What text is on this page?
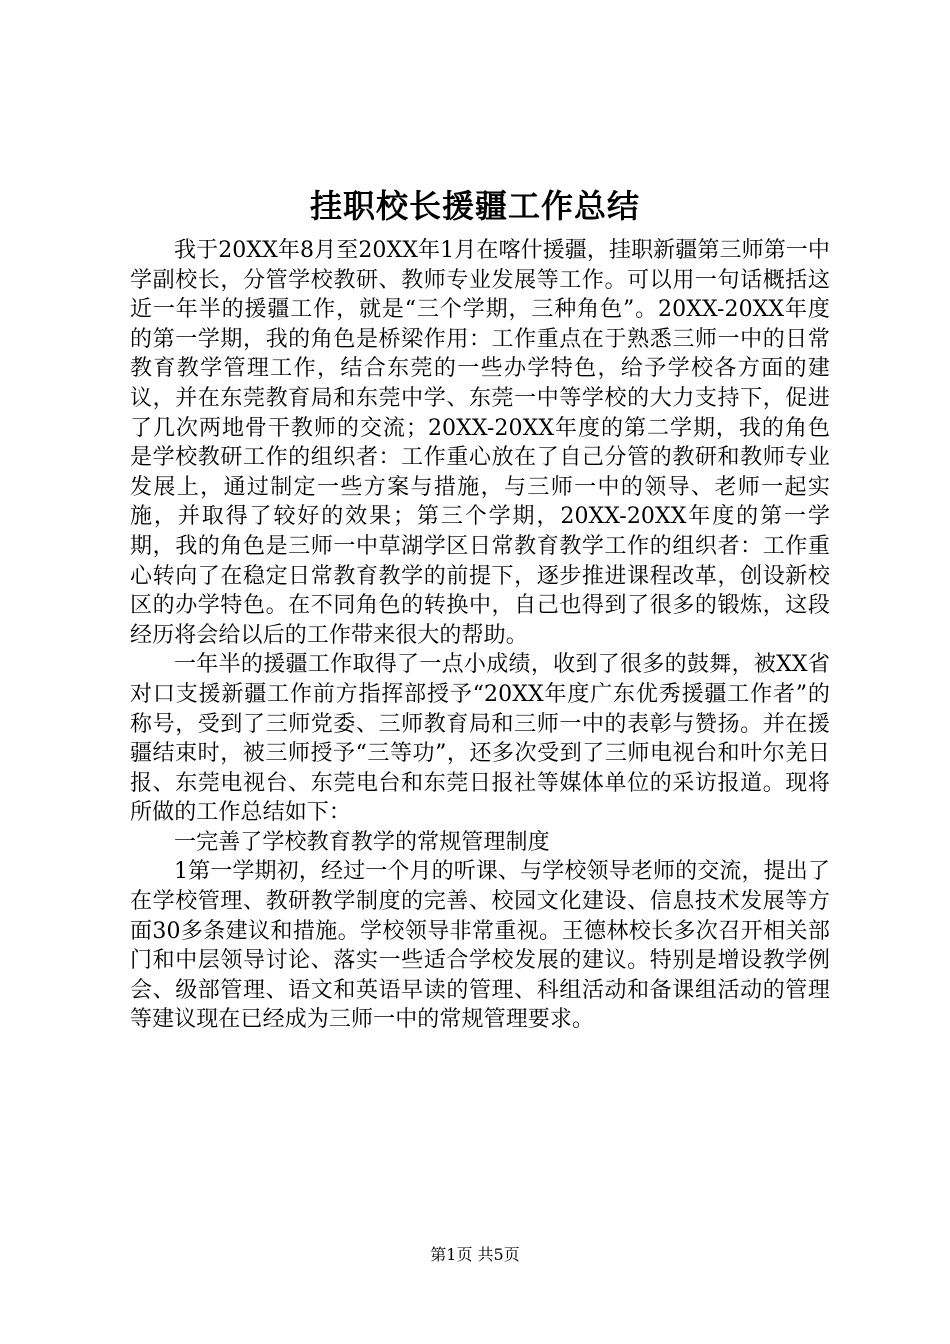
挂职校长援疆工作总结

我于20XX年8月至20XX年1月在喀什援疆，挂职新疆第三师第一中学副校长，分管学校教研、教师专业发展等工作。可以用一句话概括这近一年半的援疆工作，就是“三个学期，三种角色”。20XX-20XX年度的第一学期，我的角色是桥梁作用：工作重点在于熟悉三师一中的日常教育教学管理工作，结合东莞的一些办学特色，给予学校各方面的建议，并在东莞教育局和东莞中学、东莞一中等学校的大力支持下，促进了几次两地骨干教师的交流；20XX-20XX年度的第二学期，我的角色是学校教研工作的组织者：工作重心放在了自己分管的教研和教师专业发展上，通过制定一些方案与措施，与三师一中的领导、老师一起实施，并取得了较好的效果；第三个学期，20XX-20XX年度的第一学期，我的角色是三师一中草湖学区日常教育教学工作的组织者：工作重心转向了在稳定日常教育教学的前提下，逐步推进课程改革，创设新校区的办学特色。在不同角色的转换中，自己也得到了很多的锻炼，这段经历将会给以后的工作带来很大的帮助。

一年半的援疆工作取得了一点小成绩，收到了很多的鼓舞，被XX省对口支援新疆工作前方指挥部授予“20XX年度广东优秀援疆工作者”的称号，受到了三师党委、三师教育局和三师一中的表彰与赞扬。并在援疆结束时，被三师授予“三等功”，还多次受到了三师电视台和叶尔羌日报、东莞电视台、东莞电台和东莞日报社等媒体单位的采访报道。现将所做的工作总结如下：

一完善了学校教育教学的常规管理制度

1第一学期初，经过一个月的听课、与学校领导老师的交流，提出了在学校管理、教研教学制度的完善、校园文化建设、信息技术发展等方面30多条建议和措施。学校领导非常重视。王德林校长多次召开相关部门和中层领导讨论、落实一些适合学校发展的建议。特别是增设教学例会、级部管理、语文和英语早读的管理、科组活动和备课组活动的管理等建议现在已经成为三师一中的常规管理要求。

第1页 共5页
